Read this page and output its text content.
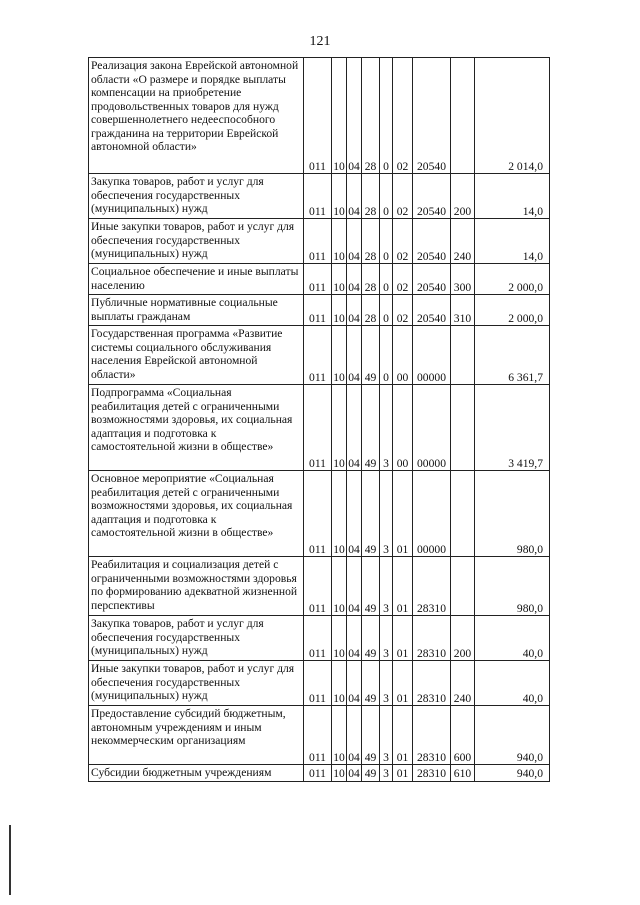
121
Реализация закона Еврейской автономной области «О размере и порядке выплаты компенсации на приобретение продовольственных товаров для нужд совершеннолетнего недееспособного гражданина на территории Еврейской автономной области»	011	10	04	28	0	02	20540		2 014,0
Закупка товаров, работ и услуг для обеспечения государственных (муниципальных) нужд	011	10	04	28	0	02	20540	200	14,0
Иные закупки товаров, работ и услуг для обеспечения государственных (муниципальных) нужд	011	10	04	28	0	02	20540	240	14,0
Социальное обеспечение и иные выплаты населению	011	10	04	28	0	02	20540	300	2 000,0
Публичные нормативные социальные выплаты гражданам	011	10	04	28	0	02	20540	310	2 000,0
Государственная программа «Развитие системы социального обслуживания населения Еврейской автономной области»	011	10	04	49	0	00	00000		6 361,7
Подпрограмма «Социальная реабилитация детей с ограниченными возможностями здоровья, их социальная адаптация и подготовка к самостоятельной жизни в обществе»	011	10	04	49	3	00	00000		3 419,7
Основное мероприятие «Социальная реабилитация детей с ограниченными возможностями здоровья, их социальная адаптация и подготовка к самостоятельной жизни в обществе»	011	10	04	49	3	01	00000		980,0
Реабилитация и социализация детей с ограниченными возможностями здоровья по формированию адекватной жизненной перспективы	011	10	04	49	3	01	28310		980,0
Закупка товаров, работ и услуг для обеспечения государственных (муниципальных) нужд	011	10	04	49	3	01	28310	200	40,0
Иные закупки товаров, работ и услуг для обеспечения государственных (муниципальных) нужд	011	10	04	49	3	01	28310	240	40,0
Предоставление субсидий бюджетным, автономным учреждениям и иным некоммерческим организациям	011	10	04	49	3	01	28310	600	940,0
Субсидии бюджетным учреждениям	011	10	04	49	3	01	28310	610	940,0
